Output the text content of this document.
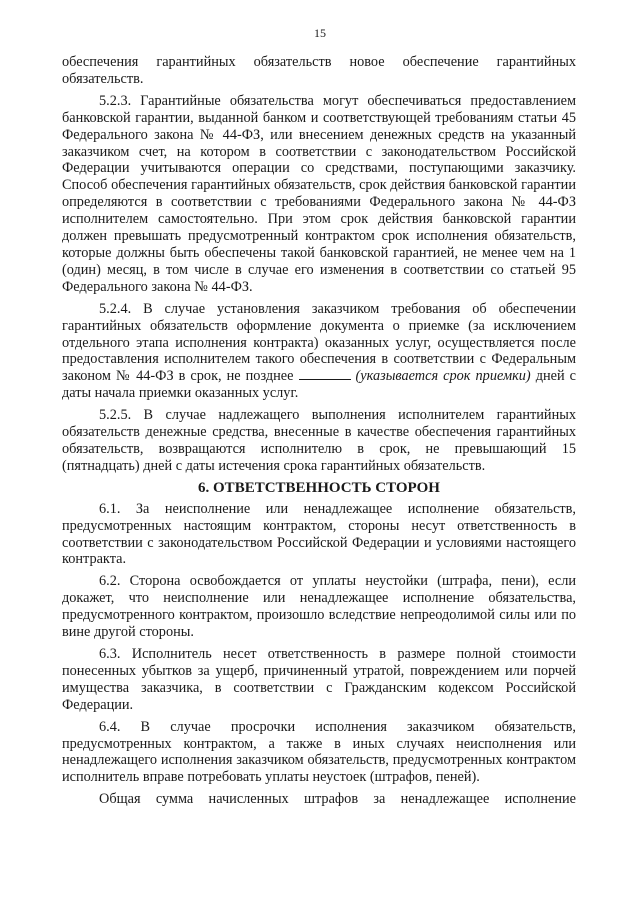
15

обеспечения гарантийных обязательств новое обеспечение гарантийных обязательств.

5.2.3. Гарантийные обязательства могут обеспечиваться предоставлением банковской гарантии, выданной банком и соответствующей требованиям статьи 45 Федерального закона № 44-ФЗ, или внесением денежных средств на указанный заказчиком счет, на котором в соответствии с законодательством Российской Федерации учитываются операции со средствами, поступающими заказчику. Способ обеспечения гарантийных обязательств, срок действия банковской гарантии определяются в соответствии с требованиями Федерального закона № 44-ФЗ исполнителем самостоятельно. При этом срок действия банковской гарантии должен превышать предусмотренный контрактом срок исполнения обязательств, которые должны быть обеспечены такой банковской гарантией, не менее чем на 1 (один) месяц, в том числе в случае его изменения в соответствии со статьей 95 Федерального закона № 44-ФЗ.

5.2.4. В случае установления заказчиком требования об обеспечении гарантийных обязательств оформление документа о приемке (за исключением отдельного этапа исполнения контракта) оказанных услуг, осуществляется после предоставления исполнителем такого обеспечения в соответствии с Федеральным законом № 44-ФЗ в срок, не позднее	(указывается срок приемки) дней с даты начала приемки оказанных услуг.

5.2.5. В случае надлежащего выполнения исполнителем гарантийных обязательств денежные средства, внесенные в качестве обеспечения гарантийных обязательств, возвращаются исполнителю в срок, не превышающий 15 (пятнадцать) дней с даты истечения срока гарантийных обязательств.

6. ОТВЕТСТВЕННОСТЬ СТОРОН

6.1. За неисполнение или ненадлежащее исполнение обязательств, предусмотренных настоящим контрактом, стороны несут ответственность в соответствии с законодательством Российской Федерации и условиями настоящего контракта.

6.2. Сторона освобождается от уплаты неустойки (штрафа, пени), если докажет, что неисполнение или ненадлежащее исполнение обязательства, предусмотренного контрактом, произошло вследствие непреодолимой силы или по вине другой стороны.

6.3. Исполнитель несет ответственность в размере полной стоимости понесенных убытков за ущерб, причиненный утратой, повреждением или порчей имущества заказчика, в соответствии с Гражданским кодексом Российской Федерации.

6.4. В случае просрочки исполнения заказчиком обязательств, предусмотренных контрактом, а также в иных случаях неисполнения или ненадлежащего исполнения заказчиком обязательств, предусмотренных контрактом исполнитель вправе потребовать уплаты неустоек (штрафов, пеней).

Общая сумма начисленных штрафов за ненадлежащее исполнение
